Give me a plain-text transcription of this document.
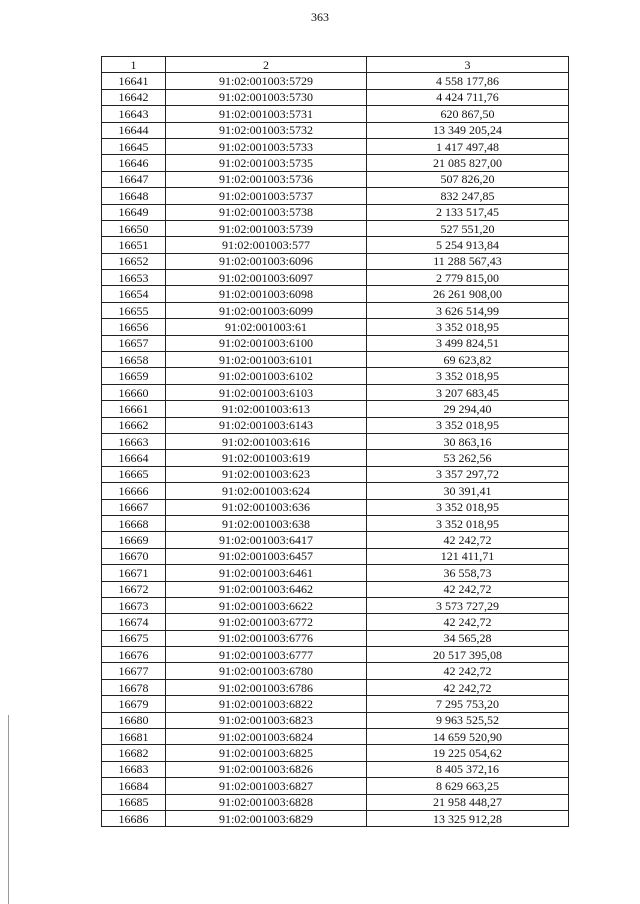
363
1	2	3
16641	91:02:001003:5729	4 558 177,86
16642	91:02:001003:5730	4 424 711,76
16643	91:02:001003:5731	620 867,50
16644	91:02:001003:5732	13 349 205,24
16645	91:02:001003:5733	1 417 497,48
16646	91:02:001003:5735	21 085 827,00
16647	91:02:001003:5736	507 826,20
16648	91:02:001003:5737	832 247,85
16649	91:02:001003:5738	2 133 517,45
16650	91:02:001003:5739	527 551,20
16651	91:02:001003:577	5 254 913,84
16652	91:02:001003:6096	11 288 567,43
16653	91:02:001003:6097	2 779 815,00
16654	91:02:001003:6098	26 261 908,00
16655	91:02:001003:6099	3 626 514,99
16656	91:02:001003:61	3 352 018,95
16657	91:02:001003:6100	3 499 824,51
16658	91:02:001003:6101	69 623,82
16659	91:02:001003:6102	3 352 018,95
16660	91:02:001003:6103	3 207 683,45
16661	91:02:001003:613	29 294,40
16662	91:02:001003:6143	3 352 018,95
16663	91:02:001003:616	30 863,16
16664	91:02:001003:619	53 262,56
16665	91:02:001003:623	3 357 297,72
16666	91:02:001003:624	30 391,41
16667	91:02:001003:636	3 352 018,95
16668	91:02:001003:638	3 352 018,95
16669	91:02:001003:6417	42 242,72
16670	91:02:001003:6457	121 411,71
16671	91:02:001003:6461	36 558,73
16672	91:02:001003:6462	42 242,72
16673	91:02:001003:6622	3 573 727,29
16674	91:02:001003:6772	42 242,72
16675	91:02:001003:6776	34 565,28
16676	91:02:001003:6777	20 517 395,08
16677	91:02:001003:6780	42 242,72
16678	91:02:001003:6786	42 242,72
16679	91:02:001003:6822	7 295 753,20
16680	91:02:001003:6823	9 963 525,52
16681	91:02:001003:6824	14 659 520,90
16682	91:02:001003:6825	19 225 054,62
16683	91:02:001003:6826	8 405 372,16
16684	91:02:001003:6827	8 629 663,25
16685	91:02:001003:6828	21 958 448,27
16686	91:02:001003:6829	13 325 912,28
